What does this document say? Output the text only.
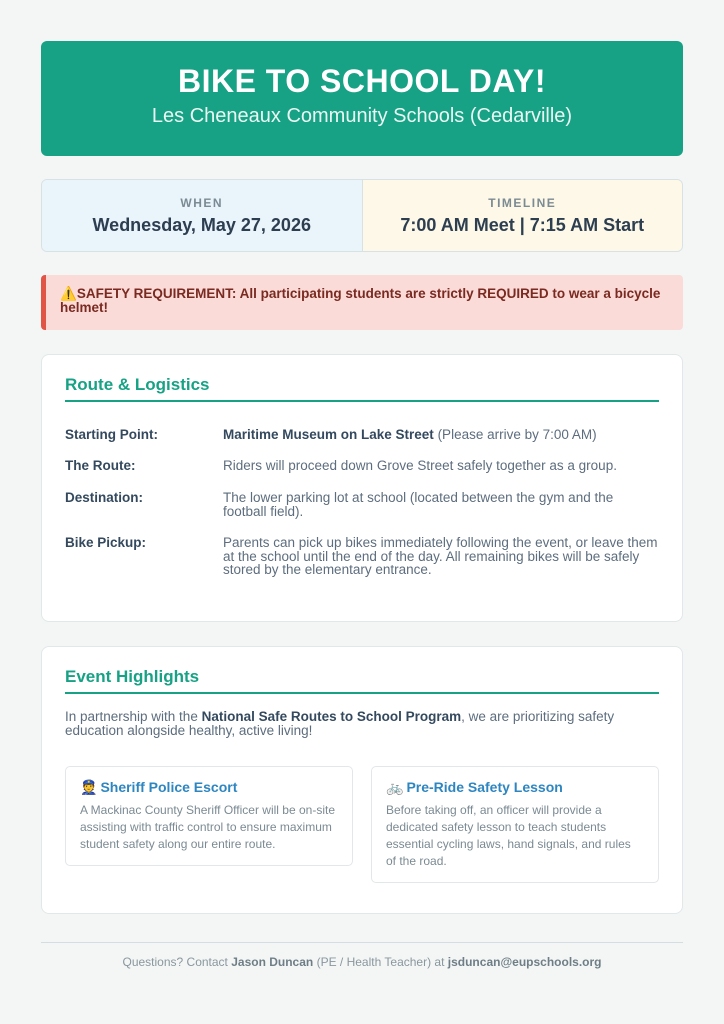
BIKE TO SCHOOL DAY!
Les Cheneaux Community Schools (Cedarville)
WHEN
Wednesday, May 27, 2026
TIMELINE
7:00 AM Meet | 7:15 AM Start
⚠️SAFETY REQUIREMENT: All participating students are strictly REQUIRED to wear a bicycle helmet!
Route & Logistics
Starting Point:	Maritime Museum on Lake Street (Please arrive by 7:00 AM)
The Route:	Riders will proceed down Grove Street safely together as a group.
Destination:	The lower parking lot at school (located between the gym and the football field).
Bike Pickup:	Parents can pick up bikes immediately following the event, or leave them at the school until the end of the day. All remaining bikes will be safely stored by the elementary entrance.
Event Highlights
In partnership with the National Safe Routes to School Program, we are prioritizing safety education alongside healthy, active living!
👮 Sheriff Police Escort
A Mackinac County Sheriff Officer will be on-site assisting with traffic control to ensure maximum student safety along our entire route.
🚲 Pre-Ride Safety Lesson
Before taking off, an officer will provide a dedicated safety lesson to teach students essential cycling laws, hand signals, and rules of the road.
Questions? Contact Jason Duncan (PE / Health Teacher) at jsduncan@eupschools.org
